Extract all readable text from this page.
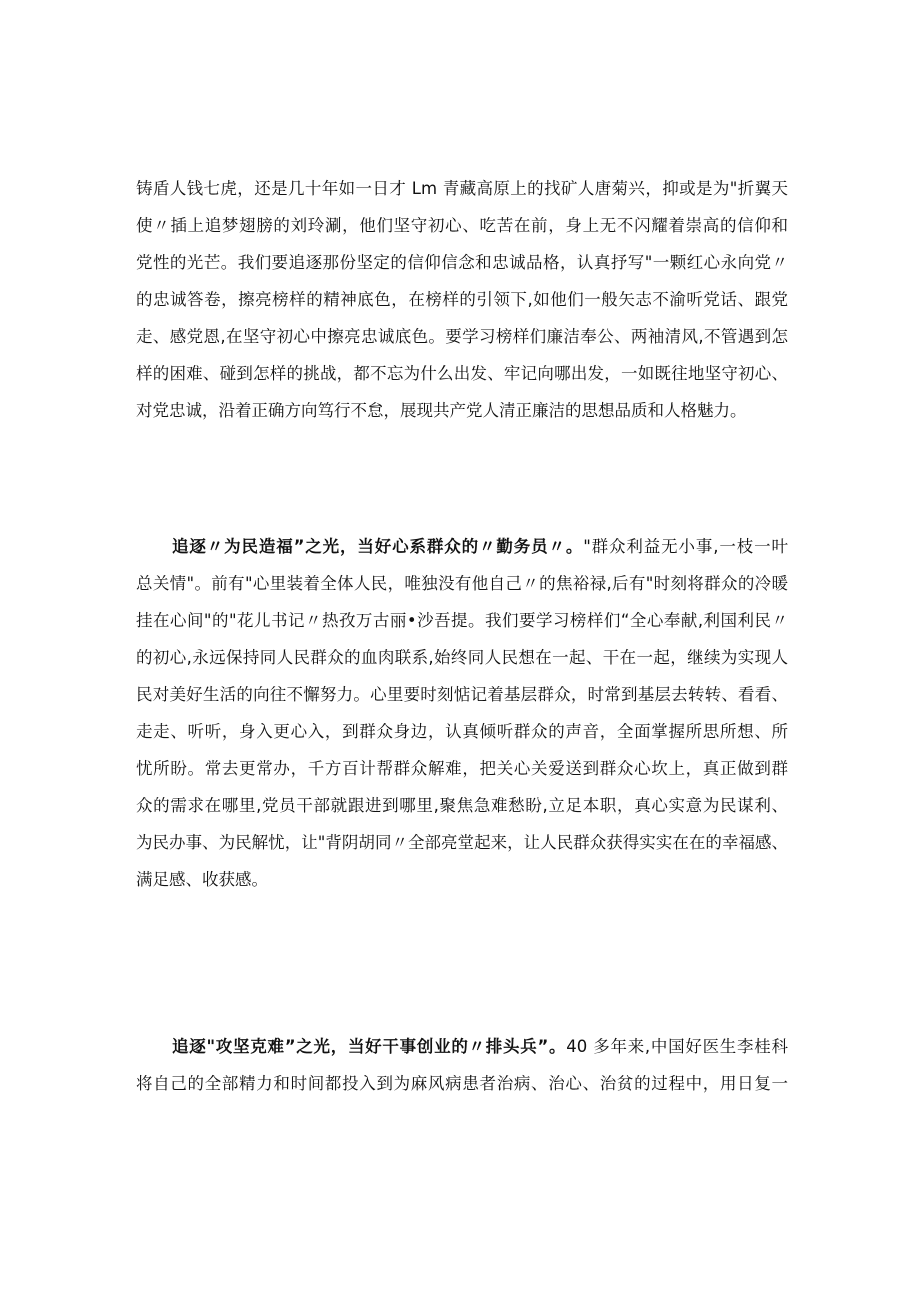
铸盾人钱七虎，还是几十年如一日才 Lm 青藏高原上的找矿人唐菊兴，抑或是为"折翼天
使〃插上追梦翅膀的刘玲涮，他们坚守初心、吃苦在前，身上无不闪耀着崇高的信仰和
党性的光芒。我们要追逐那份坚定的信仰信念和忠诚品格，认真抒写"一颗红心永向党〃
的忠诚答卷，擦亮榜样的精神底色，在榜样的引领下,如他们一般矢志不渝听党话、跟党
走、感党恩,在坚守初心中擦亮忠诚底色。要学习榜样们廉洁奉公、两袖清风,不管遇到怎
样的困难、碰到怎样的挑战，都不忘为什么出发、牢记向哪出发，一如既往地坚守初心、
对党忠诚，沿着正确方向笃行不怠，展现共产党人清正廉洁的思想品质和人格魅力。
追逐〃为民造福”之光，当好心系群众的〃勤务员〃。"群众利益无小事,一枝一叶
总关情"。前有"心里装着全体人民，唯独没有他自己〃的焦裕禄,后有"时刻将群众的冷暖
挂在心间"的"花儿书记〃热孜万古丽•沙吾提。我们要学习榜样们“全心奉献,利国利民〃
的初心,永远保持同人民群众的血肉联系,始终同人民想在一起、干在一起，继续为实现人
民对美好生活的向往不懈努力。心里要时刻惦记着基层群众，时常到基层去转转、看看、
走走、听听，身入更心入，到群众身边，认真倾听群众的声音，全面掌握所思所想、所
忧所盼。常去更常办，千方百计帮群众解难，把关心关爱送到群众心坎上，真正做到群
众的需求在哪里,党员干部就跟进到哪里,聚焦急难愁盼,立足本职，真心实意为民谋利、
为民办事、为民解忧，让"背阴胡同〃全部亮堂起来，让人民群众获得实实在在的幸福感、
满足感、收获感。
追逐"攻坚克难”之光，当好干事创业的〃排头兵”。40 多年来,中国好医生李桂科
将自己的全部精力和时间都投入到为麻风病患者治病、治心、治贫的过程中，用日复一
